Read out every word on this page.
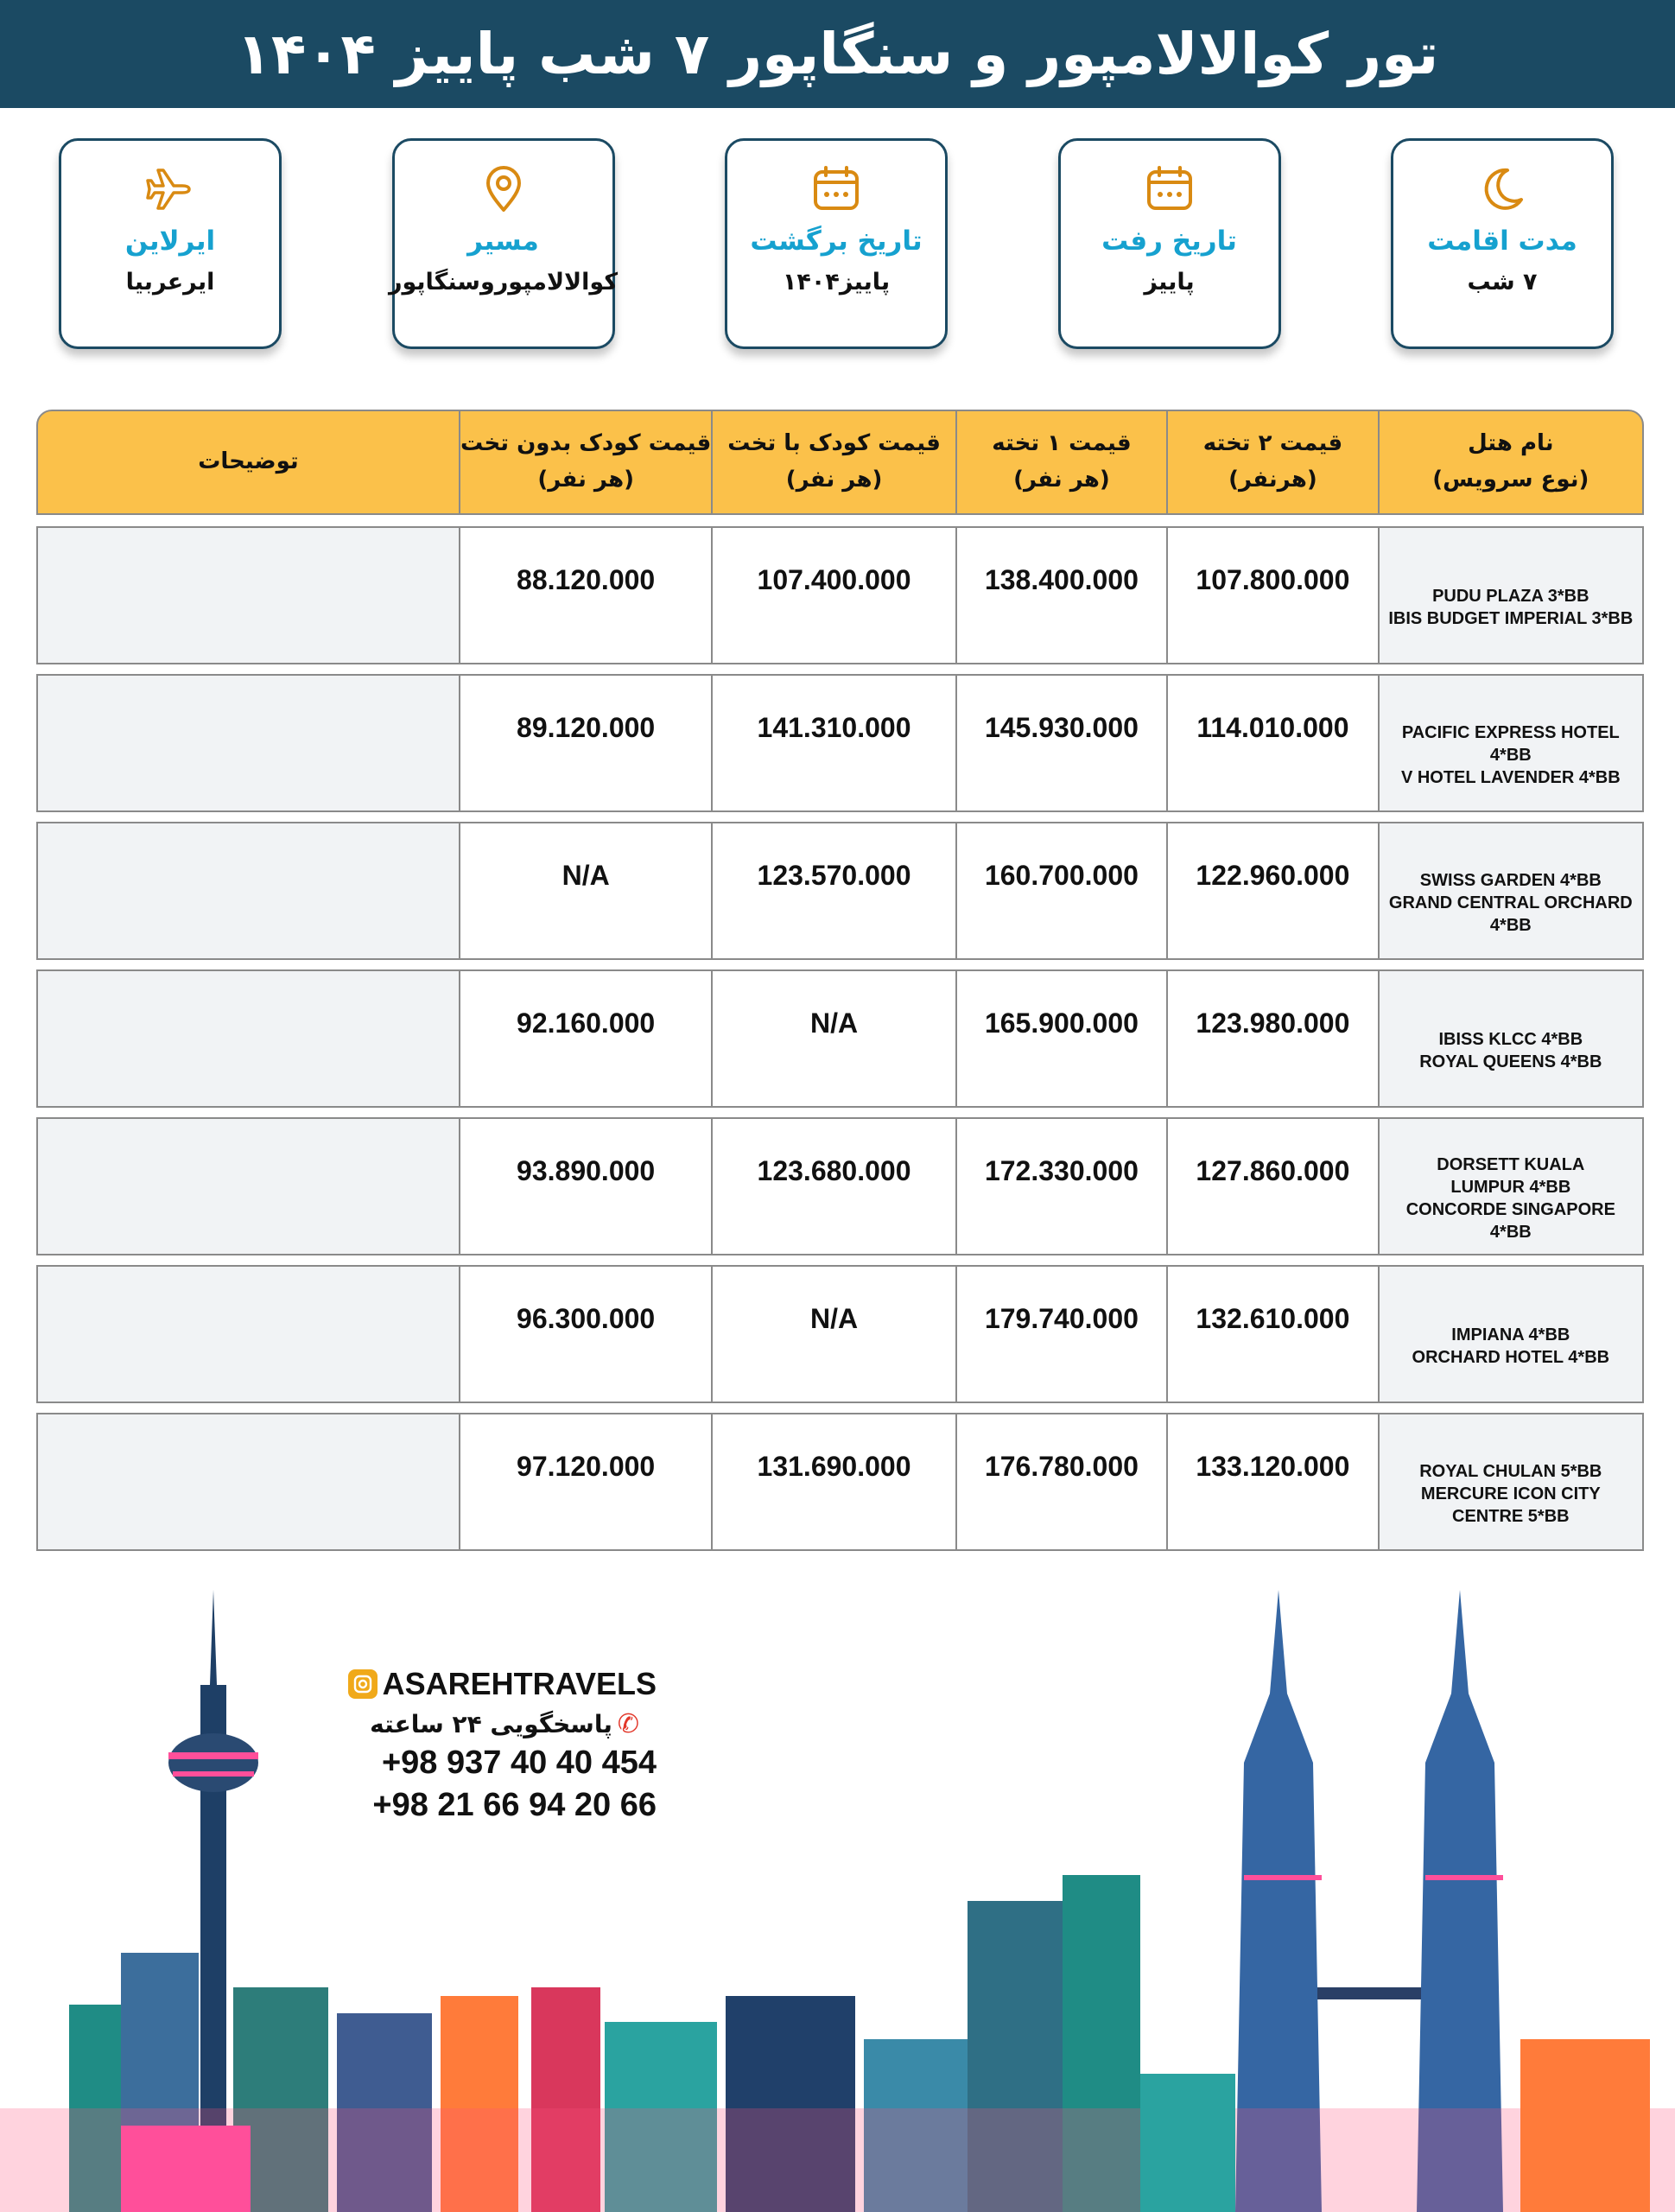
تور کوالالامپور و سنگاپور ۷ شب پاییز ۱۴۰۴
مدت اقامت
۷ شب
تاریخ رفت
پاییز
تاریخ برگشت
پاییز۱۴۰۴
مسیر
کوالالامپوروسنگاپور
ایرلاین
ایرعربیا
نام هتل
(نوع سرویس)
قیمت ۲ تخته
(هرنفر)
قیمت ۱ تخته
(هر نفر)
قیمت کودک با تخت
(هر نفر)
قیمت کودک بدون تخت
(هر نفر)
توضیحات
PUDU PLAZA 3*BB
IBIS BUDGET IMPERIAL 3*BB
107.800.000
138.400.000
107.400.000
88.120.000
PACIFIC EXPRESS HOTEL 4*BB
V HOTEL LAVENDER 4*BB
114.010.000
145.930.000
141.310.000
89.120.000
SWISS GARDEN 4*BB
GRAND CENTRAL ORCHARD
4*BB
122.960.000
160.700.000
123.570.000
N/A
IBISS KLCC 4*BB
ROYAL QUEENS 4*BB
123.980.000
165.900.000
N/A
92.160.000
DORSETT KUALA
LUMPUR 4*BB
CONCORDE SINGAPORE
4*BB
127.860.000
172.330.000
123.680.000
93.890.000
IMPIANA 4*BB
ORCHARD HOTEL 4*BB
132.610.000
179.740.000
N/A
96.300.000
ROYAL CHULAN 5*BB
MERCURE ICON CITY
CENTRE 5*BB
133.120.000
176.780.000
131.690.000
97.120.000
ASAREHTRAVELS
✆
پاسخگویی ۲۴ ساعته
+98 937 40 40 454
+98 21 66 94 20 66
